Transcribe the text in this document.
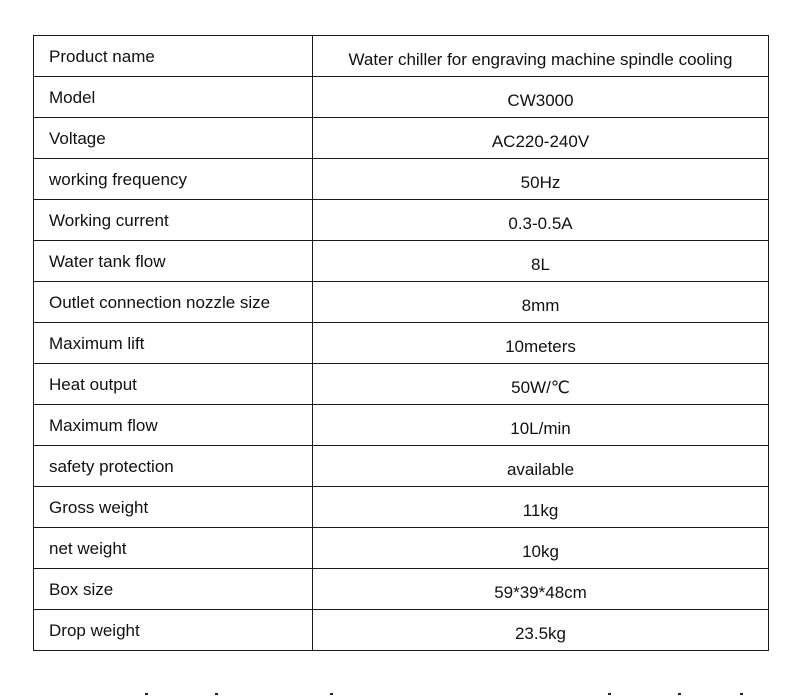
Product name	Water chiller for engraving machine spindle cooling
Model	CW3000
Voltage	AC220-240V
working frequency	50Hz
Working current	0.3-0.5A
Water tank flow	8L
Outlet connection nozzle size	8mm
Maximum lift	10meters
Heat output	50W/℃
Maximum flow	10L/min
safety protection	available
Gross weight	11kg
net weight	10kg
Box size	59*39*48cm
Drop weight	23.5kg
